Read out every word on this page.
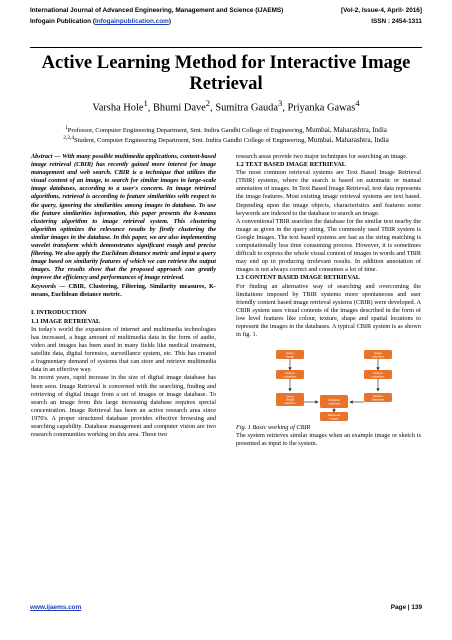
International Journal of Advanced Engineering, Management and Science (IJAEMS)	[Vol-2, Issue-4, April- 2016]
Infogain Publication (Infogainpublication.com)	ISSN : 2454-1311
Active Learning Method for Interactive Image Retrieval
Varsha Hole$^1$, Bhumi Dave$^2$, Sumitra Gauda$^3$, Priyanka Gawas$^4$
$^1$Professor, Computer Engineering Department, Smt. Indira Gandhi College of Engineering, Mumbai, Maharashtra, India
$^{2,3,4}$Student, Computer Engineering Department, Smt. Indira Gandhi College of Engineering, Mumbai, Maharashtra, India

Abstract — With many possible multimedia applications, content-based image retrieval (CBIR) has recently gained more interest for image management and web search. CBIR is a technique that utilizes the visual content of an image, to search for similar images in large-scale image databases, according to a user's concern. In image retrieval algorithms, retrieval is according to feature similarities with respect to the query, ignoring the similarities among images in database. To use the feature similarities information, this paper presents the k-means clustering algorithm to image retrieval system. This clustering algorithm optimizes the relevance results by firstly clustering the similar images in the database. In this paper, we are also implementing wavelet transform which demonstrates significant rough and precise filtering. We also apply the Euclidean distance metric and input a query image based on similarity features of which we can retrieve the output images. The results show that the proposed approach can greatly improve the efficiency and performances of image retrieval.

Keywords — CBIR, Clustering, Filtering, Similarity measures, K-means, Euclidean distance metric.

I. INTRODUCTION

1.1 IMAGE RETRIEVAL

In today's world the expansion of internet and multimedia technologies has increased, a huge amount of multimedia data in the form of audio, video and images has been used in many fields like medical treatment, satellite data, digital forensics, surveillance system, etc. This has created a fragmentary demand of systems that can store and retrieve multimedia data in an effective way.

In recent years, rapid increase in the size of digital image database has been seen. Image Retrieval is concerned with the searching, finding and retrieving of digital image from a set of images or image database. To search an image from this large increasing database requires special concentration. Image Retrieval has been an active research area since 1970's. A proper structured database provides effective browsing and searching capability. Database management and computer vision are two research communities working on this area. These two

research areas provide two major techniques for searching an image.

1.2 TEXT BASED IMAGE RETRIEVAL

The most common retrieval systems are Text Based Image Retrieval (TBIR) systems, where the search is based on automatic or manual annotation of images. In Text Based Image Retrieval, text data represents the image features. Most existing image retrieval systems are text based. Depending upon the image objects, characteristics and features some keywords are indexed to the database to search an image.

A conventional TBIR searches the database for the similar text nearby the image as given in the query string. The commonly used TBIR system is Google Images. The text based systems are fast as the string matching is computationally less time consuming process. However, it is sometimes difficult to express the whole visual content of images in words and TBIR may end up in producing irrelevant results. In addition annotation of images is not always correct and consumes a lot of time.

1.3 CONTENT BASED IMAGE RETRIEVAL

For finding an alternative way of searching and overcoming the limitations imposed by TBIR systems more spontaneous and user friendly content based image retrieval systems (CBIR) were developed. A CBIR system uses visual contents of the images described in the form of low level features like colour, texture, shape and spatial locations to represent the images in the databases. A typical CBIR system is as shown in fig. 1.

Query Image
Image collection
Feature extraction
Feature extraction
Query image features
Similarity matching
Feature Database
Retrieved images

Fig. 1 Basic working of CBIR

The system retrieves similar images when an example image or sketch is presented as input to the system.

www.ijaems.com	Page | 139
